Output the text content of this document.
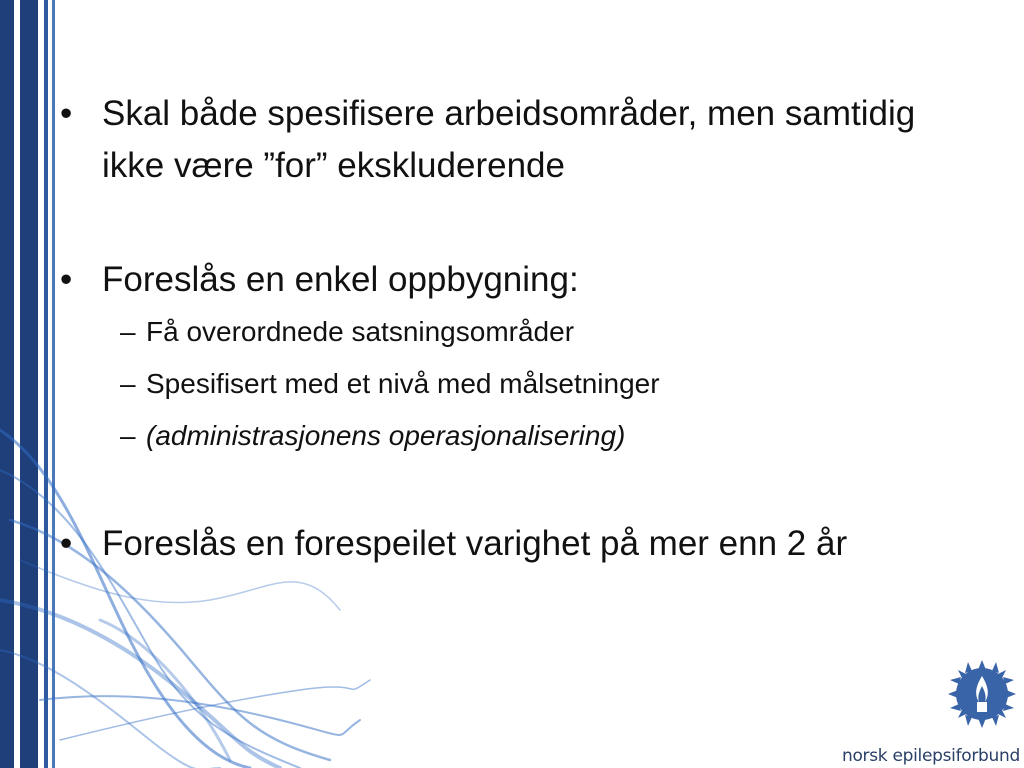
• Skal både spesifisere arbeidsområder, men samtidig ikke være ”for” ekskluderende
• Foreslås en enkel oppbygning:
– Få overordnede satsningsområder
– Spesifisert med et nivå med målsetninger
– (administrasjonens operasjonalisering)
• Foreslås en forespeilet varighet på mer enn 2 år
norsk epilepsiforbund
